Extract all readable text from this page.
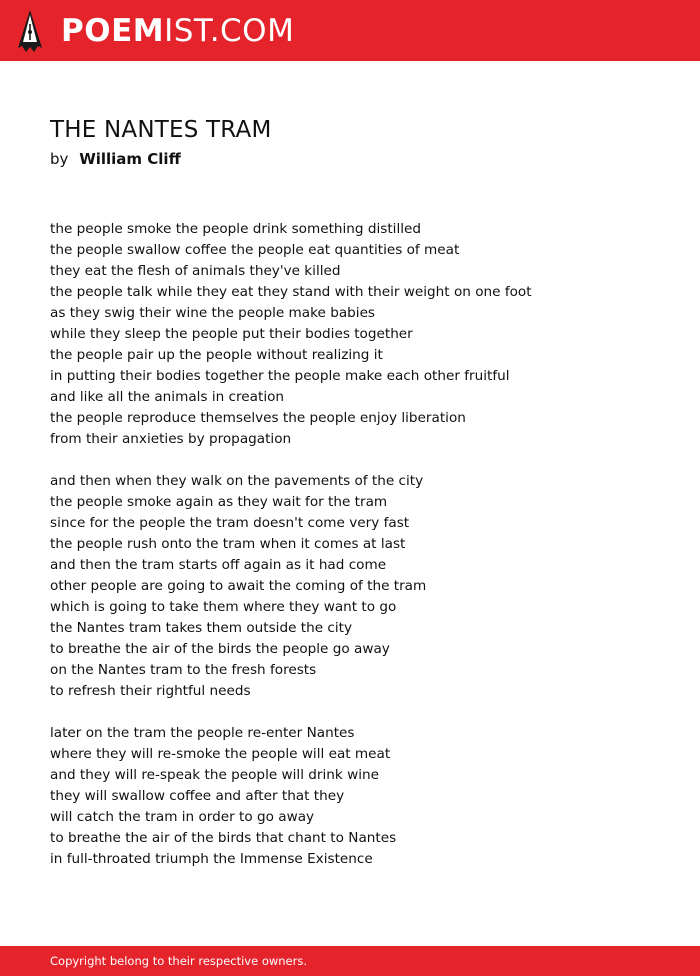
POEMIST.COM
THE NANTES TRAM
by William Cliff
the people smoke the people drink something distilled
the people swallow coffee the people eat quantities of meat
they eat the flesh of animals they've killed
the people talk while they eat they stand with their weight on one foot
as they swig their wine the people make babies
while they sleep the people put their bodies together
the people pair up the people without realizing it
in putting their bodies together the people make each other fruitful
and like all the animals in creation
the people reproduce themselves the people enjoy liberation
from their anxieties by propagation
and then when they walk on the pavements of the city
the people smoke again as they wait for the tram
since for the people the tram doesn't come very fast
the people rush onto the tram when it comes at last
and then the tram starts off again as it had come
other people are going to await the coming of the tram
which is going to take them where they want to go
the Nantes tram takes them outside the city
to breathe the air of the birds the people go away
on the Nantes tram to the fresh forests
to refresh their rightful needs
later on the tram the people re-enter Nantes
where they will re-smoke the people will eat meat
and they will re-speak the people will drink wine
they will swallow coffee and after that they
will catch the tram in order to go away
to breathe the air of the birds that chant to Nantes
in full-throated triumph the Immense Existence
Copyright belong to their respective owners.
